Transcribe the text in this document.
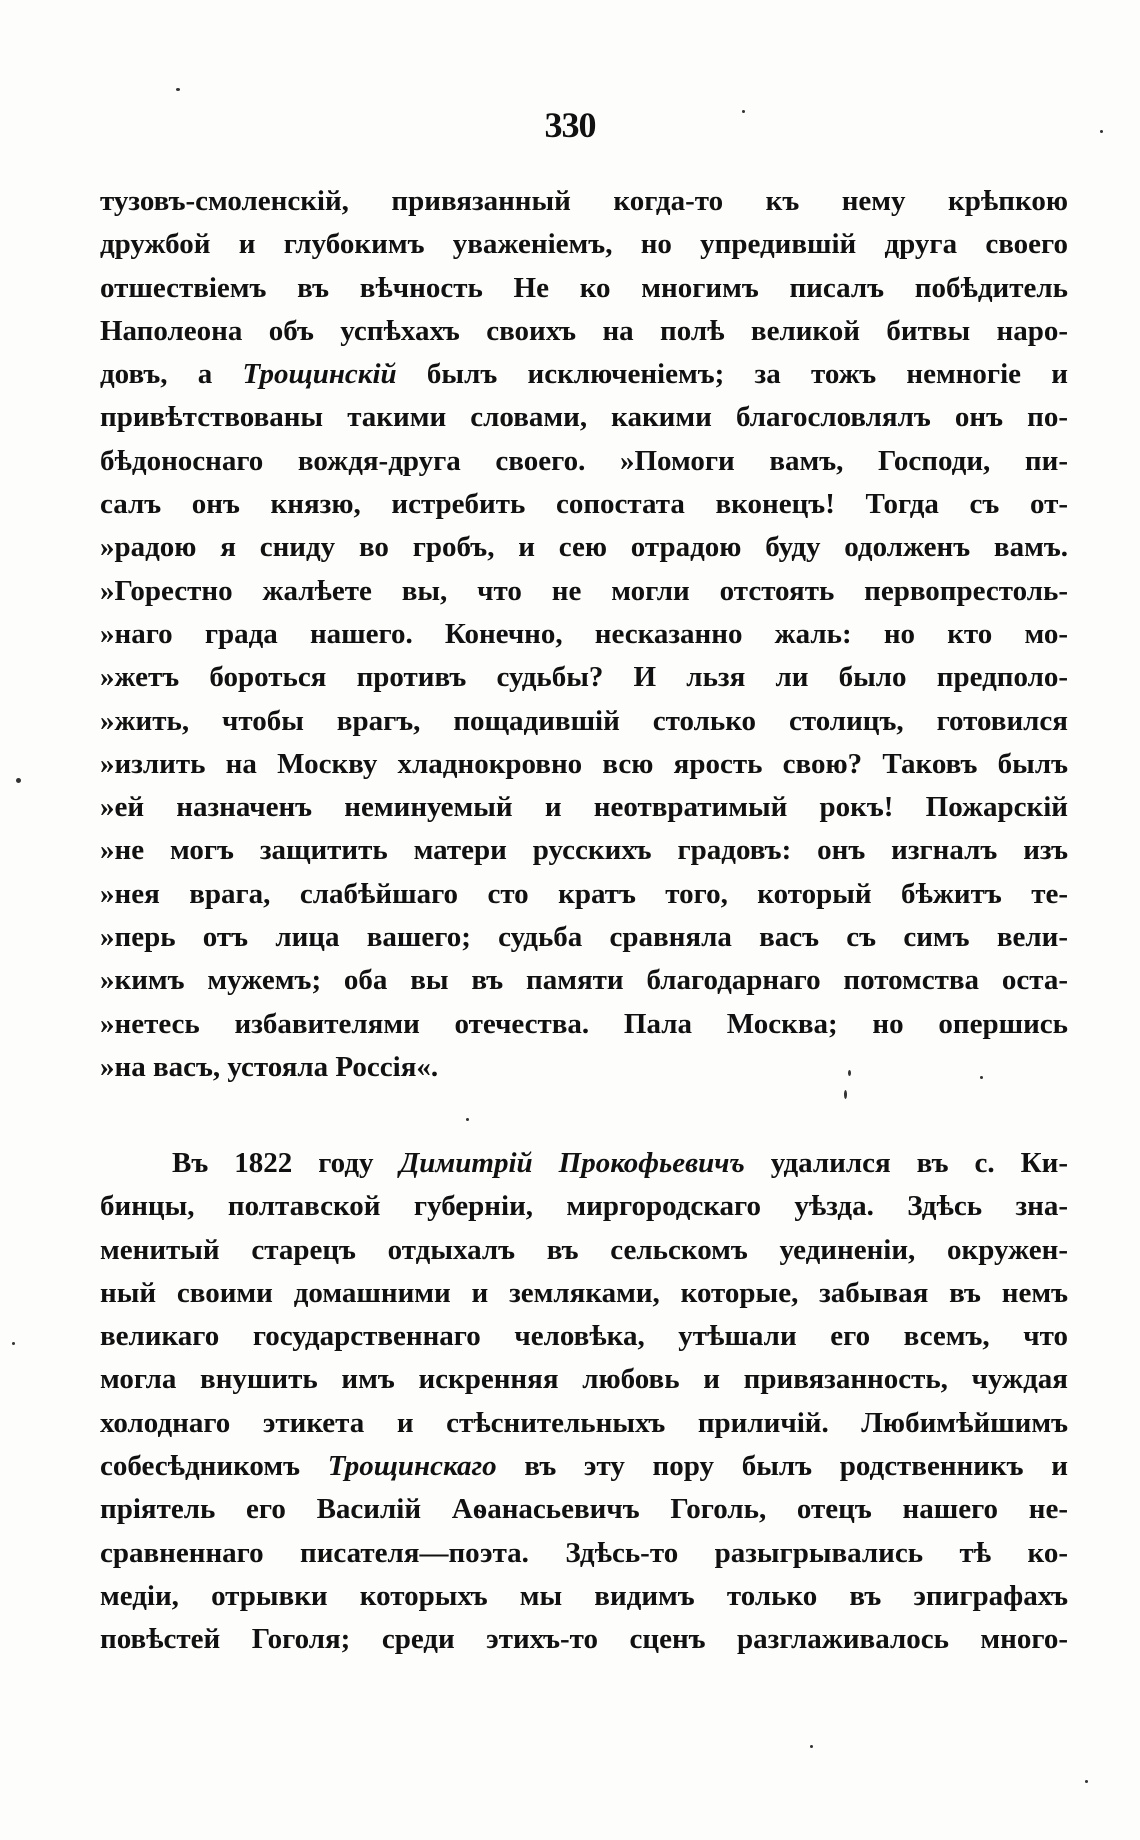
330
тузовъ-смоленскій, привязанный когда-то къ нему крѣпкою
дружбой и глубокимъ уваженіемъ, но упредившій друга своего
отшествіемъ въ вѣчность Не ко многимъ писалъ побѣдитель
Наполеона объ успѣхахъ своихъ на полѣ великой битвы наро-
довъ, а Трощинскій былъ исключеніемъ; за тожъ немногіе и
привѣтствованы такими словами, какими благословлялъ онъ по-
бѣдоноснаго вождя-друга своего. »Помоги вамъ, Господи, пи-
салъ онъ князю, истребить сопостата вконецъ! Тогда съ от-
»радою я сниду во гробъ, и сею отрадою буду одолженъ вамъ.
»Горестно жалѣете вы, что не могли отстоять первопрестоль-
»наго града нашего. Конечно, несказанно жаль: но кто мо-
»жетъ бороться противъ судьбы? И льзя ли было предполо-
»жить, чтобы врагъ, пощадившій столько столицъ, готовился
»излить на Москву хладнокровно всю ярость свою? Таковъ былъ
»ей назначенъ неминуемый и неотвратимый рокъ! Пожарскій
»не могъ защитить матери русскихъ градовъ: онъ изгналъ изъ
»нея врага, слабѣйшаго сто кратъ того, который бѣжитъ те-
»перь отъ лица вашего; судьба сравняла васъ съ симъ вели-
»кимъ мужемъ; оба вы въ памяти благодарнаго потомства оста-
»нетесь избавителями отечества. Пала Москва; но опершись
»на васъ, устояла Россія«.
Въ 1822 году Димитрій Прокофьевичъ удалился въ с. Ки-
бинцы, полтавской губерніи, миргородскаго уѣзда. Здѣсь зна-
менитый старецъ отдыхалъ въ сельскомъ уединеніи, окружен-
ный своими домашними и земляками, которые, забывая въ немъ
великаго государственнаго человѣка, утѣшали его всемъ, что
могла внушить имъ искренняя любовь и привязанность, чуждая
холоднаго этикета и стѣснительныхъ приличій. Любимѣйшимъ
собесѣдникомъ Трощинскаго въ эту пору былъ родственникъ и
пріятель его Василій Аѳанасьевичъ Гоголь, отецъ нашего не-
сравненнаго писателя—поэта. Здѣсь-то разыгрывались тѣ ко-
медіи, отрывки которыхъ мы видимъ только въ эпиграфахъ
повѣстей Гоголя; среди этихъ-то сценъ разглаживалось много-
